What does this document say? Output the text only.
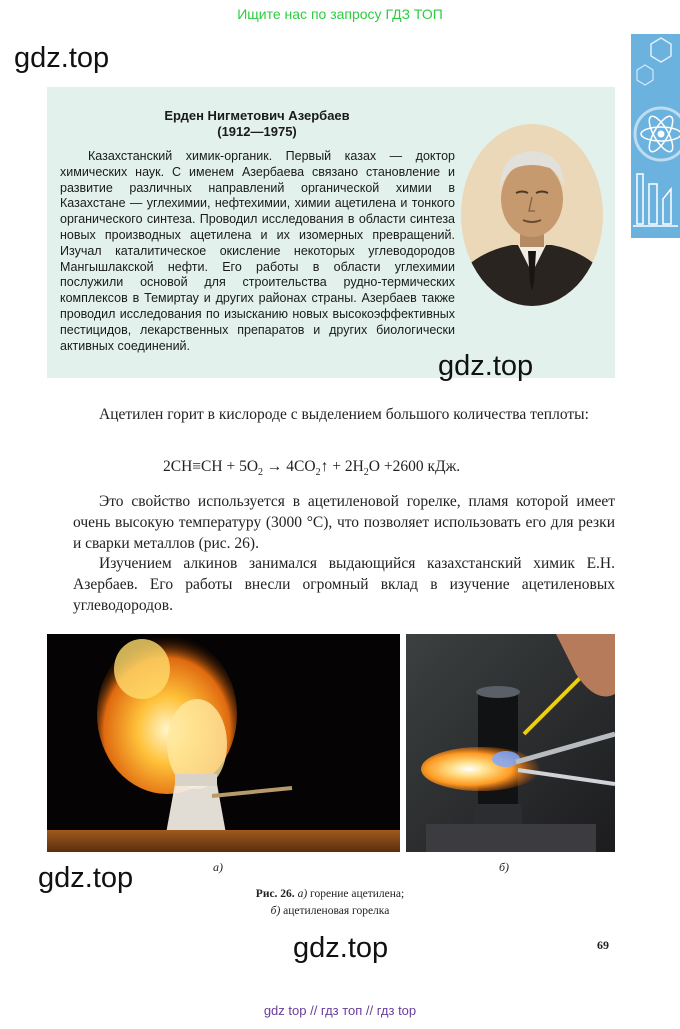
Ищите нас по запросу ГДЗ ТОП
gdz.top
Ерден Нигметович Азербаев
(1912—1975)

Казахстанский химик-органик. Первый казах — доктор химических наук. С именем Азербаева связано становление и развитие различных направлений органической химии в Казахстане — углехимии, нефтехимии, химии ацетилена и тонкого органического синтеза. Проводил исследования в области синтеза новых производных ацетилена и их изомерных превращений. Изучал каталитическое окисление некоторых углеводородов Мангышлакской нефти. Его работы в области углехимии послужили основой для строительства рудно-термических комплексов в Темиртау и других районах страны. Азербаев также проводил исследования по изысканию новых высокоэффективных пестицидов, лекарственных препаратов и других биологически активных соединений.

gdz.top
Ацетилен горит в кислороде с выделением большого количества теплоты:
$2CH\equiv CH + 5O_2$ → $4CO_2↑ + 2H_2O +2600$ кДж.
Это свойство используется в ацетиленовой горелке, пламя которой имеет очень высокую температуру (3000 °С), что позволяет использовать его для резки и сварки металлов (рис. 26).
Изучением алкинов занимался выдающийся казахстанский химик Е.Н. Азербаев. Его работы внесли огромный вклад в изучение ацетиленовых углеводородов.
gdz.top	а)	б)
Рис. 26. а) горение ацетилена;
б) ацетиленовая горелка
69
gdz.top
gdz top // гдз топ // гдз top
